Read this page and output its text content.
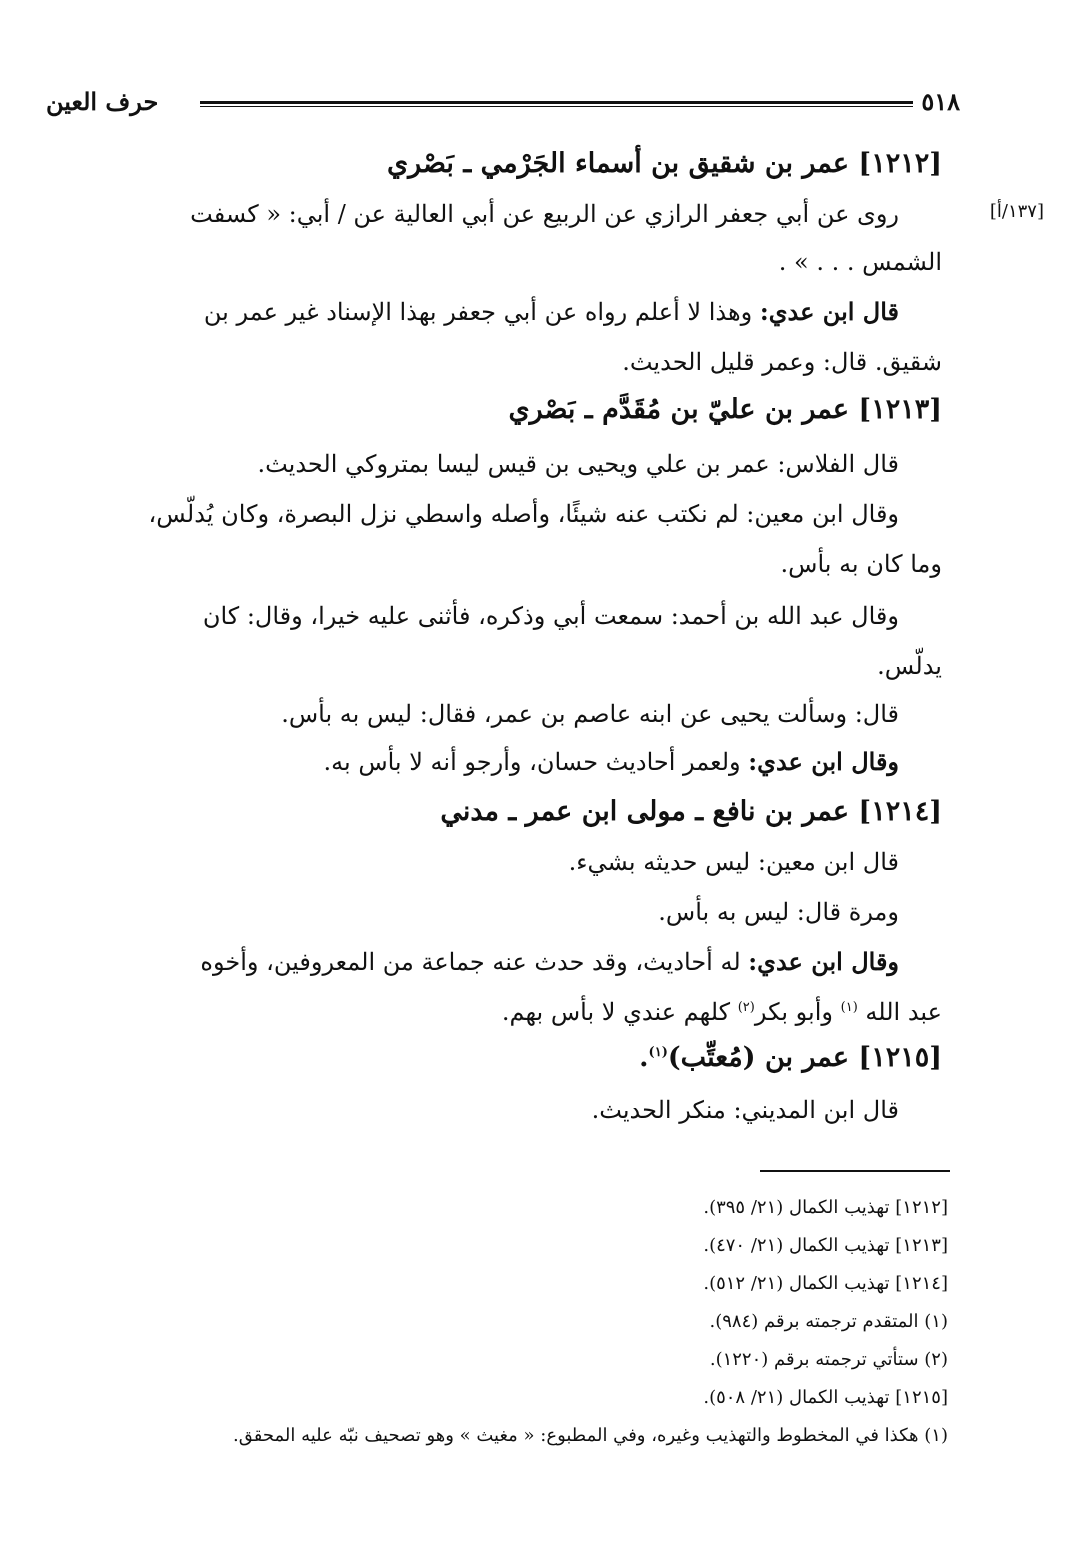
٥١٨
حرف العين
[١٣٧/أ]
[١٢١٢] عمر بن شقيق بن أسماء الجَرْمي ـ بَصْري
روى عن أبي جعفر الرازي عن الربيع عن أبي العالية عن / أبي: « كسفت
الشمس . . . » .
قال ابن عدي: وهذا لا أعلم رواه عن أبي جعفر بهذا الإسناد غير عمر بن
شقيق. قال: وعمر قليل الحديث.
[١٢١٣] عمر بن عليّ بن مُقَدَّم ـ بَصْري
قال الفلاس: عمر بن علي ويحيى بن قيس ليسا بمتروكي الحديث.
وقال ابن معين: لم نكتب عنه شيئًا، وأصله واسطي نزل البصرة، وكان يُدلّس،
وما كان به بأس.
وقال عبد الله بن أحمد: سمعت أبي وذكره، فأثنى عليه خيرا، وقال: كان
يدلّس.
قال: وسألت يحيى عن ابنه عاصم بن عمر، فقال: ليس به بأس.
وقال ابن عدي: ولعمر أحاديث حسان، وأرجو أنه لا بأس به.
[١٢١٤] عمر بن نافع ـ مولى ابن عمر ـ مدني
قال ابن معين: ليس حديثه بشيء.
ومرة قال: ليس به بأس.
وقال ابن عدي: له أحاديث، وقد حدث عنه جماعة من المعروفين، وأخوه
عبد الله $^{(١)}$ وأبو بكر$^{(٢)}$ كلهم عندي لا بأس بهم.
[١٢١٥] عمر بن (مُعتِّب)$^{(١)}$.
قال ابن المديني: منكر الحديث.
[١٢١٢] تهذيب الكمال (٢١/ ٣٩٥).
[١٢١٣] تهذيب الكمال (٢١/ ٤٧٠).
[١٢١٤] تهذيب الكمال (٢١/ ٥١٢).
(١) المتقدم ترجمته برقم (٩٨٤).
(٢) ستأتي ترجمته برقم (١٢٢٠).
[١٢١٥] تهذيب الكمال (٢١/ ٥٠٨).
(١) هكذا في المخطوط والتهذيب وغيره، وفي المطبوع: « مغيث » وهو تصحيف نبّه عليه المحقق.
